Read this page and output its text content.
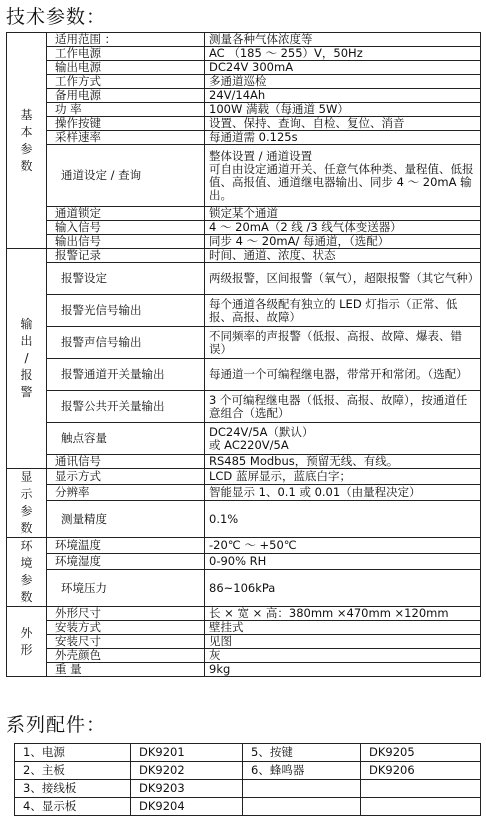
技术参数：
基
本
参
数	适用范围 ：	测量各种气体浓度等
	工作电源	AC （185 ～ 255）V，50Hz
	输出电源	DC24V 300mA
	工作方式	多通道巡检
	备用电源	24V/14Ah
	功 率	100W 满载（每通道 5W）
	操作按键	设置、保持、查询、自检、复位、消音
	采样速率	每通道需 0.125s
	通道设定 / 查询	整体设置 / 通道设置
可自由设定通道开关、任意气体种类、量程值、低报值、高报值、通道继电器输出、同步 4 ～ 20mA 输出。
	通道锁定	锁定某个通道
	输入信号	4 ～ 20mA（2 线 /3 线气体变送器）
	输出信号	同步 4 ～ 20mA/ 每通道，（选配）
输
出
/
报
警	报警记录	时间、通道、浓度、状态
	报警设定	两级报警，区间报警（氧气），超限报警（其它气种）
	报警光信号输出	每个通道各级配有独立的 LED 灯指示（正常、低报、高报、故障）
	报警声信号输出	不同频率的声报警（低报、高报、故障、爆表、错误）
	报警通道开关量输出	每通道一个可编程继电器，带常开和常闭。（选配）
	报警公共开关量输出	3 个可编程继电器（低报、高报、故障），按通道任意组合（选配）
	触点容量	DC24V/5A（默认）
或 AC220V/5A
	通讯信号	RS485 Modbus，预留无线、有线。
显
示
参
数	显示方式	LCD 蓝屏显示，蓝底白字；
	分辨率	智能显示 1、0.1 或 0.01（由量程决定）
	测量精度	0.1%
环
境
参
数	环境温度	-20℃ ～ +50℃
	环境湿度	0-90% RH
	环境压力	86~106kPa
外
形	外形尺寸	长 × 宽 × 高：380mm ×470mm ×120mm
	安装方式	壁挂式
	安装尺寸	见图
	外壳颜色	灰
	重 量	9kg
系列配件：
1、电源	DK9201	5、按键	DK9205
2、主板	DK9202	6、蜂鸣器	DK9206
3、接线板	DK9203		
4、显示板	DK9204		
